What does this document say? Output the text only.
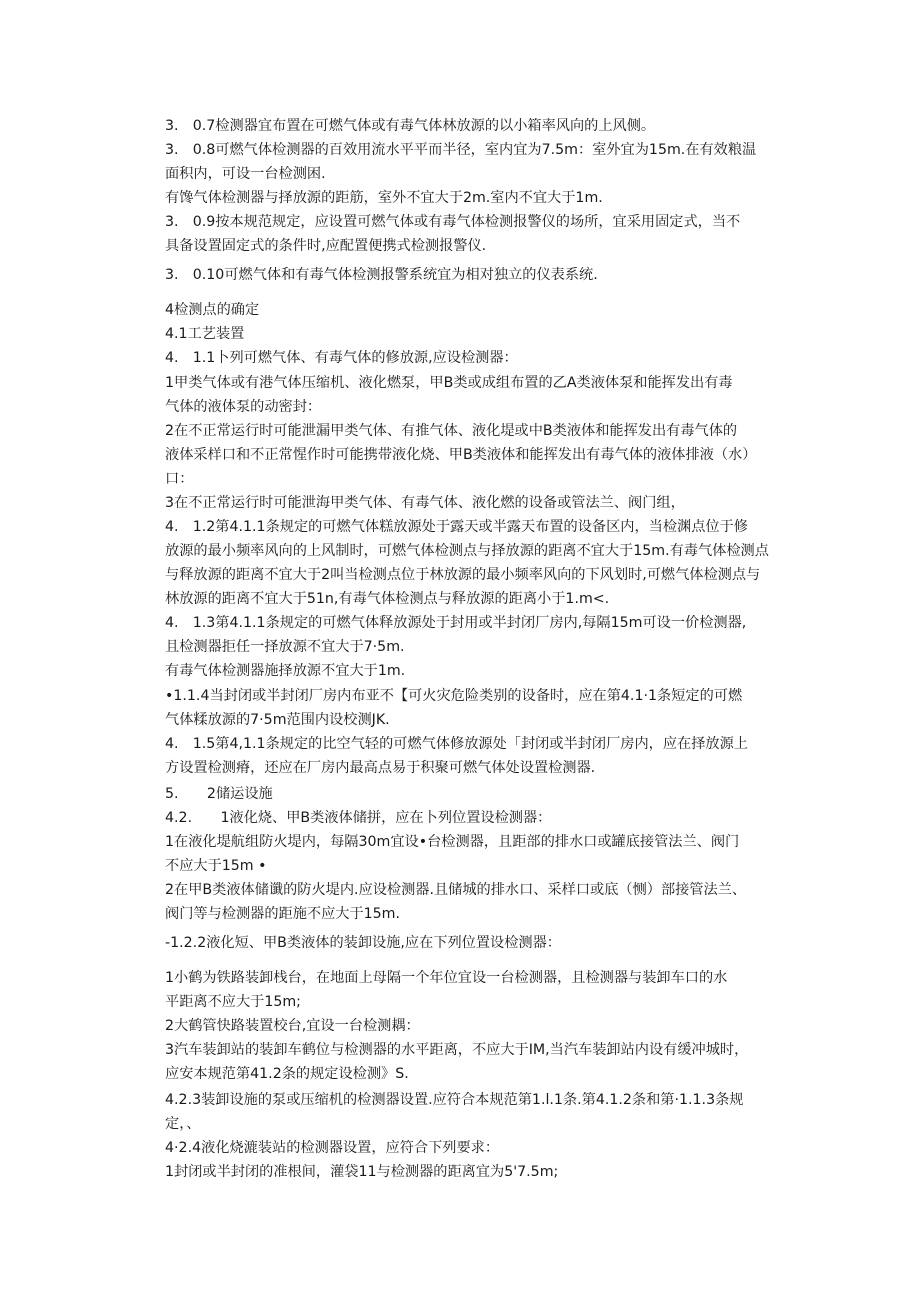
3.　0.7检测器宜布置在可燃气体或有毒气体林放源的以小箱率风向的上风侧。
3.　0.8可燃气体检测器的百效用流水平平而半径，室内宜为7.5m：室外宜为15m.在有效粮温
面积内，可设一台检测困.
有馋气体检测器与择放源的距筋，室外不宜大于2m.室内不宜大于1m.
3.　0.9按本规范规定，应设置可燃气体或有毒气体检测报警仪的场所，宜采用固定式，当不
具备设置固定式的条件时,应配置便携式检测报警仪.
3.　0.10可燃气体和有毒气体检测报警系统宜为相对独立的仪表系统.
4检测点的确定
4.1工艺装置
4.　1.1卜列可燃气体、有毒气体的修放源,应设检测器：
1甲类气体或有港气体压缩机、液化燃泵，甲B类或成组布置的乙A类液体泵和能挥发出有毒
气体的液体泵的动密封：
2在不正常运行时可能泄漏甲类气体、有推气体、液化堤或中B类液体和能挥发出有毒气体的
液体采样口和不正常惺作时可能携带液化烧、甲B类液体和能挥发出有毒气体的液体排液（水）
口：
3在不正常运行时可能泄海甲类气体、有毒气体、液化燃的设备或管法兰、阀门组，
4.　1.2第4.1.1条规定的可燃气体糕放源处于露天或半露天布置的设备区内，当检渊点位于修
放源的最小频率风向的上风制时，可燃气体检测点与择放源的距离不宜大于15m.有毒气体检测点
与释放源的距离不宜大于2叫当检测点位于林放源的最小频率风向的下风划时,可燃气体检测点与
林放源的距离不宜大于51n,有毒气体检测点与释放源的距离小于1.m<.
4.　1.3第4.1.1条规定的可燃气体释放源处于封用或半封闭厂房内,每隔15m可设一价检测器,
且检测器拒任一择放源不宜大于7·5m.
有毒气体检测器施择放源不宜大于1m.
•1.1.4当封闭或半封闭厂房内布亚不【可火灾危险类别的设备时，应在第4.1·1条短定的可燃
气体糅放源的7·5m范围内设校测JK.
4.　1.5第4,1.1条规定的比空气轻的可燃气体修放源处「封闭或半封闭厂房内，应在择放源上
方设置检测瘠，还应在厂房内最高点易于积聚可燃气体处设置检测器.
5.　　2储运设施
4.2.　　1液化烧、甲B类液体储拼，应在卜列位置设检测器：
1在液化堤航组防火堤内，每隔30m宜设•台检测器，且距部的排水口或罐底接管法兰、阀门
不应大于15m •
2在甲B类液体储谶的防火堤内.应设检测器.且储城的排水口、采样口或底（恻）部接管法兰、
阀门等与检测器的距施不应大于15m.
-1.2.2液化短、甲B类液体的装卸设施,应在下列位置设检测器：
1小鹤为铁路装卸栈台，在地面上母隔一个年位宜设一台检测器，且检测器与装卸车口的水
平距离不应大于15m;
2大鹤管快路装置校台,宜设一台检测耦：
3汽车装卸站的装卸车鹤位与检测器的水平距离，不应大于IM,当汽车装卸站内设有缓冲城时，
应安本规范第41.2条的规定设检测》S.
4.2.3装卸设施的泵或压缩机的检测器设置.应符合本规范第1.l.1条.第4.1.2条和第·1.1.3条规
定，、
4·2.4液化烧漉装站的检测器设置，应符合下列要求：
1封闭或半封闭的准根间，灌袋11与检测器的距离宜为5'7.5m;
